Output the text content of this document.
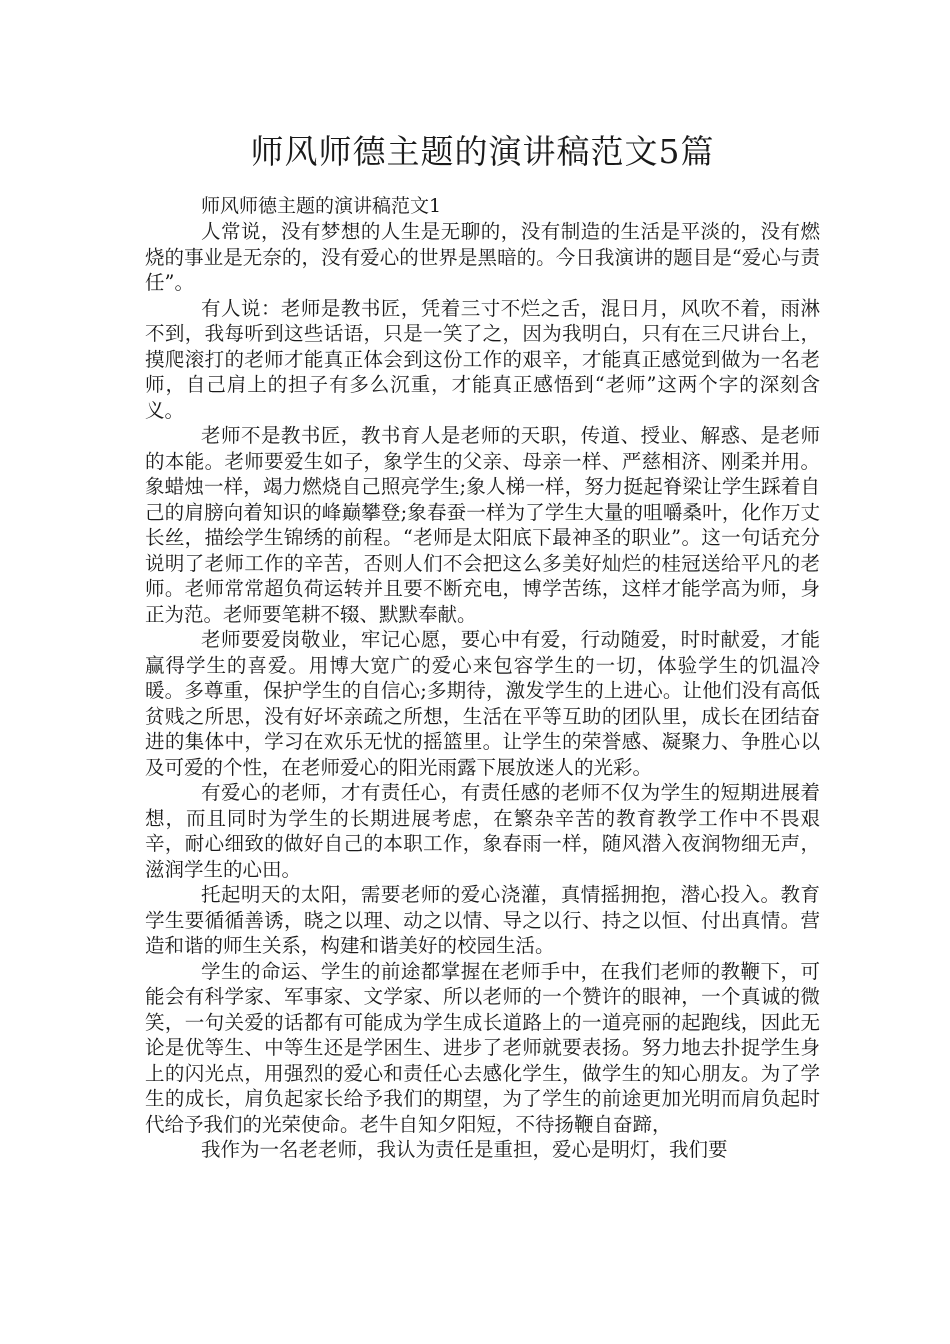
师风师德主题的演讲稿范文5篇

师风师德主题的演讲稿范文1

人常说，没有梦想的人生是无聊的，没有制造的生活是平淡的，没有燃烧的事业是无奈的，没有爱心的世界是黑暗的。今日我演讲的题目是“爱心与责任”。

有人说：老师是教书匠，凭着三寸不烂之舌，混日月，风吹不着，雨淋不到，我每听到这些话语，只是一笑了之，因为我明白，只有在三尺讲台上，摸爬滚打的老师才能真正体会到这份工作的艰辛，才能真正感觉到做为一名老师，自己肩上的担子有多么沉重，才能真正感悟到“老师”这两个字的深刻含义。

老师不是教书匠，教书育人是老师的天职，传道、授业、解惑、是老师的本能。老师要爱生如子，象学生的父亲、母亲一样、严慈相济、刚柔并用。象蜡烛一样，竭力燃烧自己照亮学生;象人梯一样，努力挺起脊梁让学生踩着自己的肩膀向着知识的峰巅攀登;象春蚕一样为了学生大量的咀嚼桑叶，化作万丈长丝，描绘学生锦绣的前程。“老师是太阳底下最神圣的职业”。这一句话充分说明了老师工作的辛苦，否则人们不会把这么多美好灿烂的桂冠送给平凡的老师。老师常常超负荷运转并且要不断充电，博学苦练，这样才能学高为师，身正为范。老师要笔耕不辍、默默奉献。

老师要爱岗敬业，牢记心愿，要心中有爱，行动随爱，时时献爱，才能赢得学生的喜爱。用博大宽广的爱心来包容学生的一切，体验学生的饥温冷暖。多尊重，保护学生的自信心;多期待，激发学生的上进心。让他们没有高低贫贱之所思，没有好坏亲疏之所想，生活在平等互助的团队里，成长在团结奋进的集体中，学习在欢乐无忧的摇篮里。让学生的荣誉感、凝聚力、争胜心以及可爱的个性，在老师爱心的阳光雨露下展放迷人的光彩。

有爱心的老师，才有责任心，有责任感的老师不仅为学生的短期进展着想，而且同时为学生的长期进展考虑，在繁杂辛苦的教育教学工作中不畏艰辛，耐心细致的做好自己的本职工作，象春雨一样，随风潜入夜润物细无声，滋润学生的心田。

托起明天的太阳，需要老师的爱心浇灌，真情摇拥抱，潜心投入。教育学生要循循善诱，晓之以理、动之以情、导之以行、持之以恒、付出真情。营造和谐的师生关系，构建和谐美好的校园生活。

学生的命运、学生的前途都掌握在老师手中，在我们老师的教鞭下，可能会有科学家、军事家、文学家、所以老师的一个赞许的眼神，一个真诚的微笑，一句关爱的话都有可能成为学生成长道路上的一道亮丽的起跑线，因此无论是优等生、中等生还是学困生、进步了老师就要表扬。努力地去扑捉学生身上的闪光点，用强烈的爱心和责任心去感化学生，做学生的知心朋友。为了学生的成长，肩负起家长给予我们的期望，为了学生的前途更加光明而肩负起时代给予我们的光荣使命。老牛自知夕阳短，不待扬鞭自奋蹄，

我作为一名老老师，我认为责任是重担，爱心是明灯，我们要
